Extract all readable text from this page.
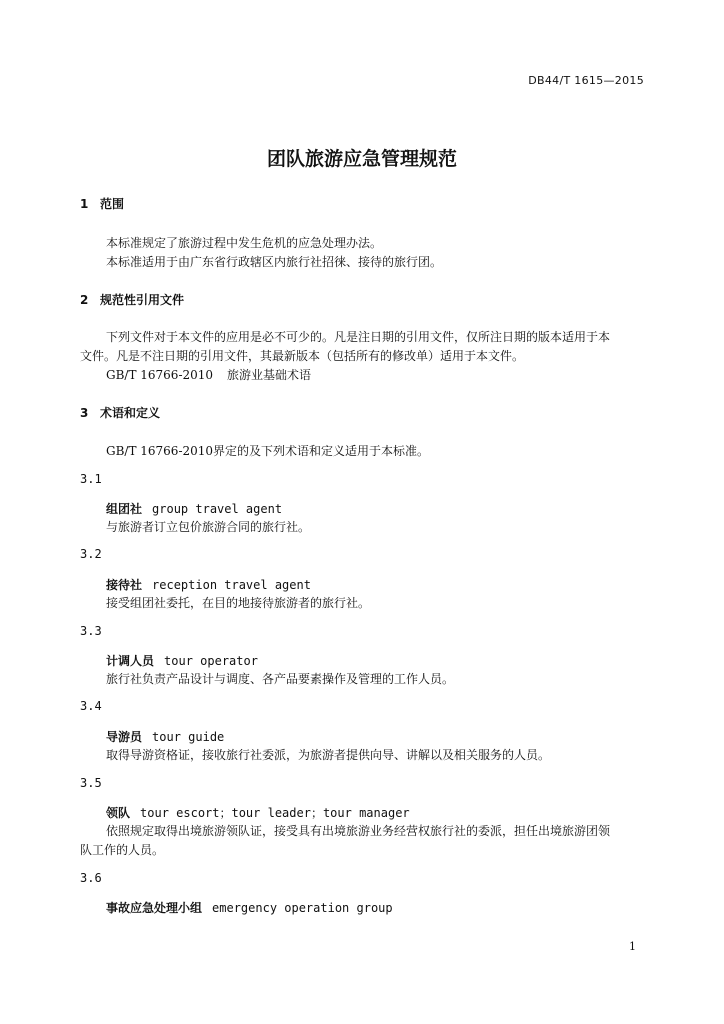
DB44/T 1615—2015
团队旅游应急管理规范
1 范围
本标准规定了旅游过程中发生危机的应急处理办法。
本标准适用于由广东省行政辖区内旅行社招徕、接待的旅行团。
2 规范性引用文件
下列文件对于本文件的应用是必不可少的。凡是注日期的引用文件，仅所注日期的版本适用于本
文件。凡是不注日期的引用文件，其最新版本（包括所有的修改单）适用于本文件。
GB/T 16766-2010 旅游业基础术语
3 术语和定义
GB/T 16766-2010界定的及下列术语和定义适用于本标准。
3.1
组团社 group travel agent
与旅游者订立包价旅游合同的旅行社。
3.2
接待社 reception travel agent
接受组团社委托，在目的地接待旅游者的旅行社。
3.3
计调人员 tour operator
旅行社负责产品设计与调度、各产品要素操作及管理的工作人员。
3.4
导游员 tour guide
取得导游资格证，接收旅行社委派，为旅游者提供向导、讲解以及相关服务的人员。
3.5
领队 tour escort；tour leader；tour manager
依照规定取得出境旅游领队证，接受具有出境旅游业务经营权旅行社的委派，担任出境旅游团领
队工作的人员。
3.6
事故应急处理小组 emergency operation group
1
